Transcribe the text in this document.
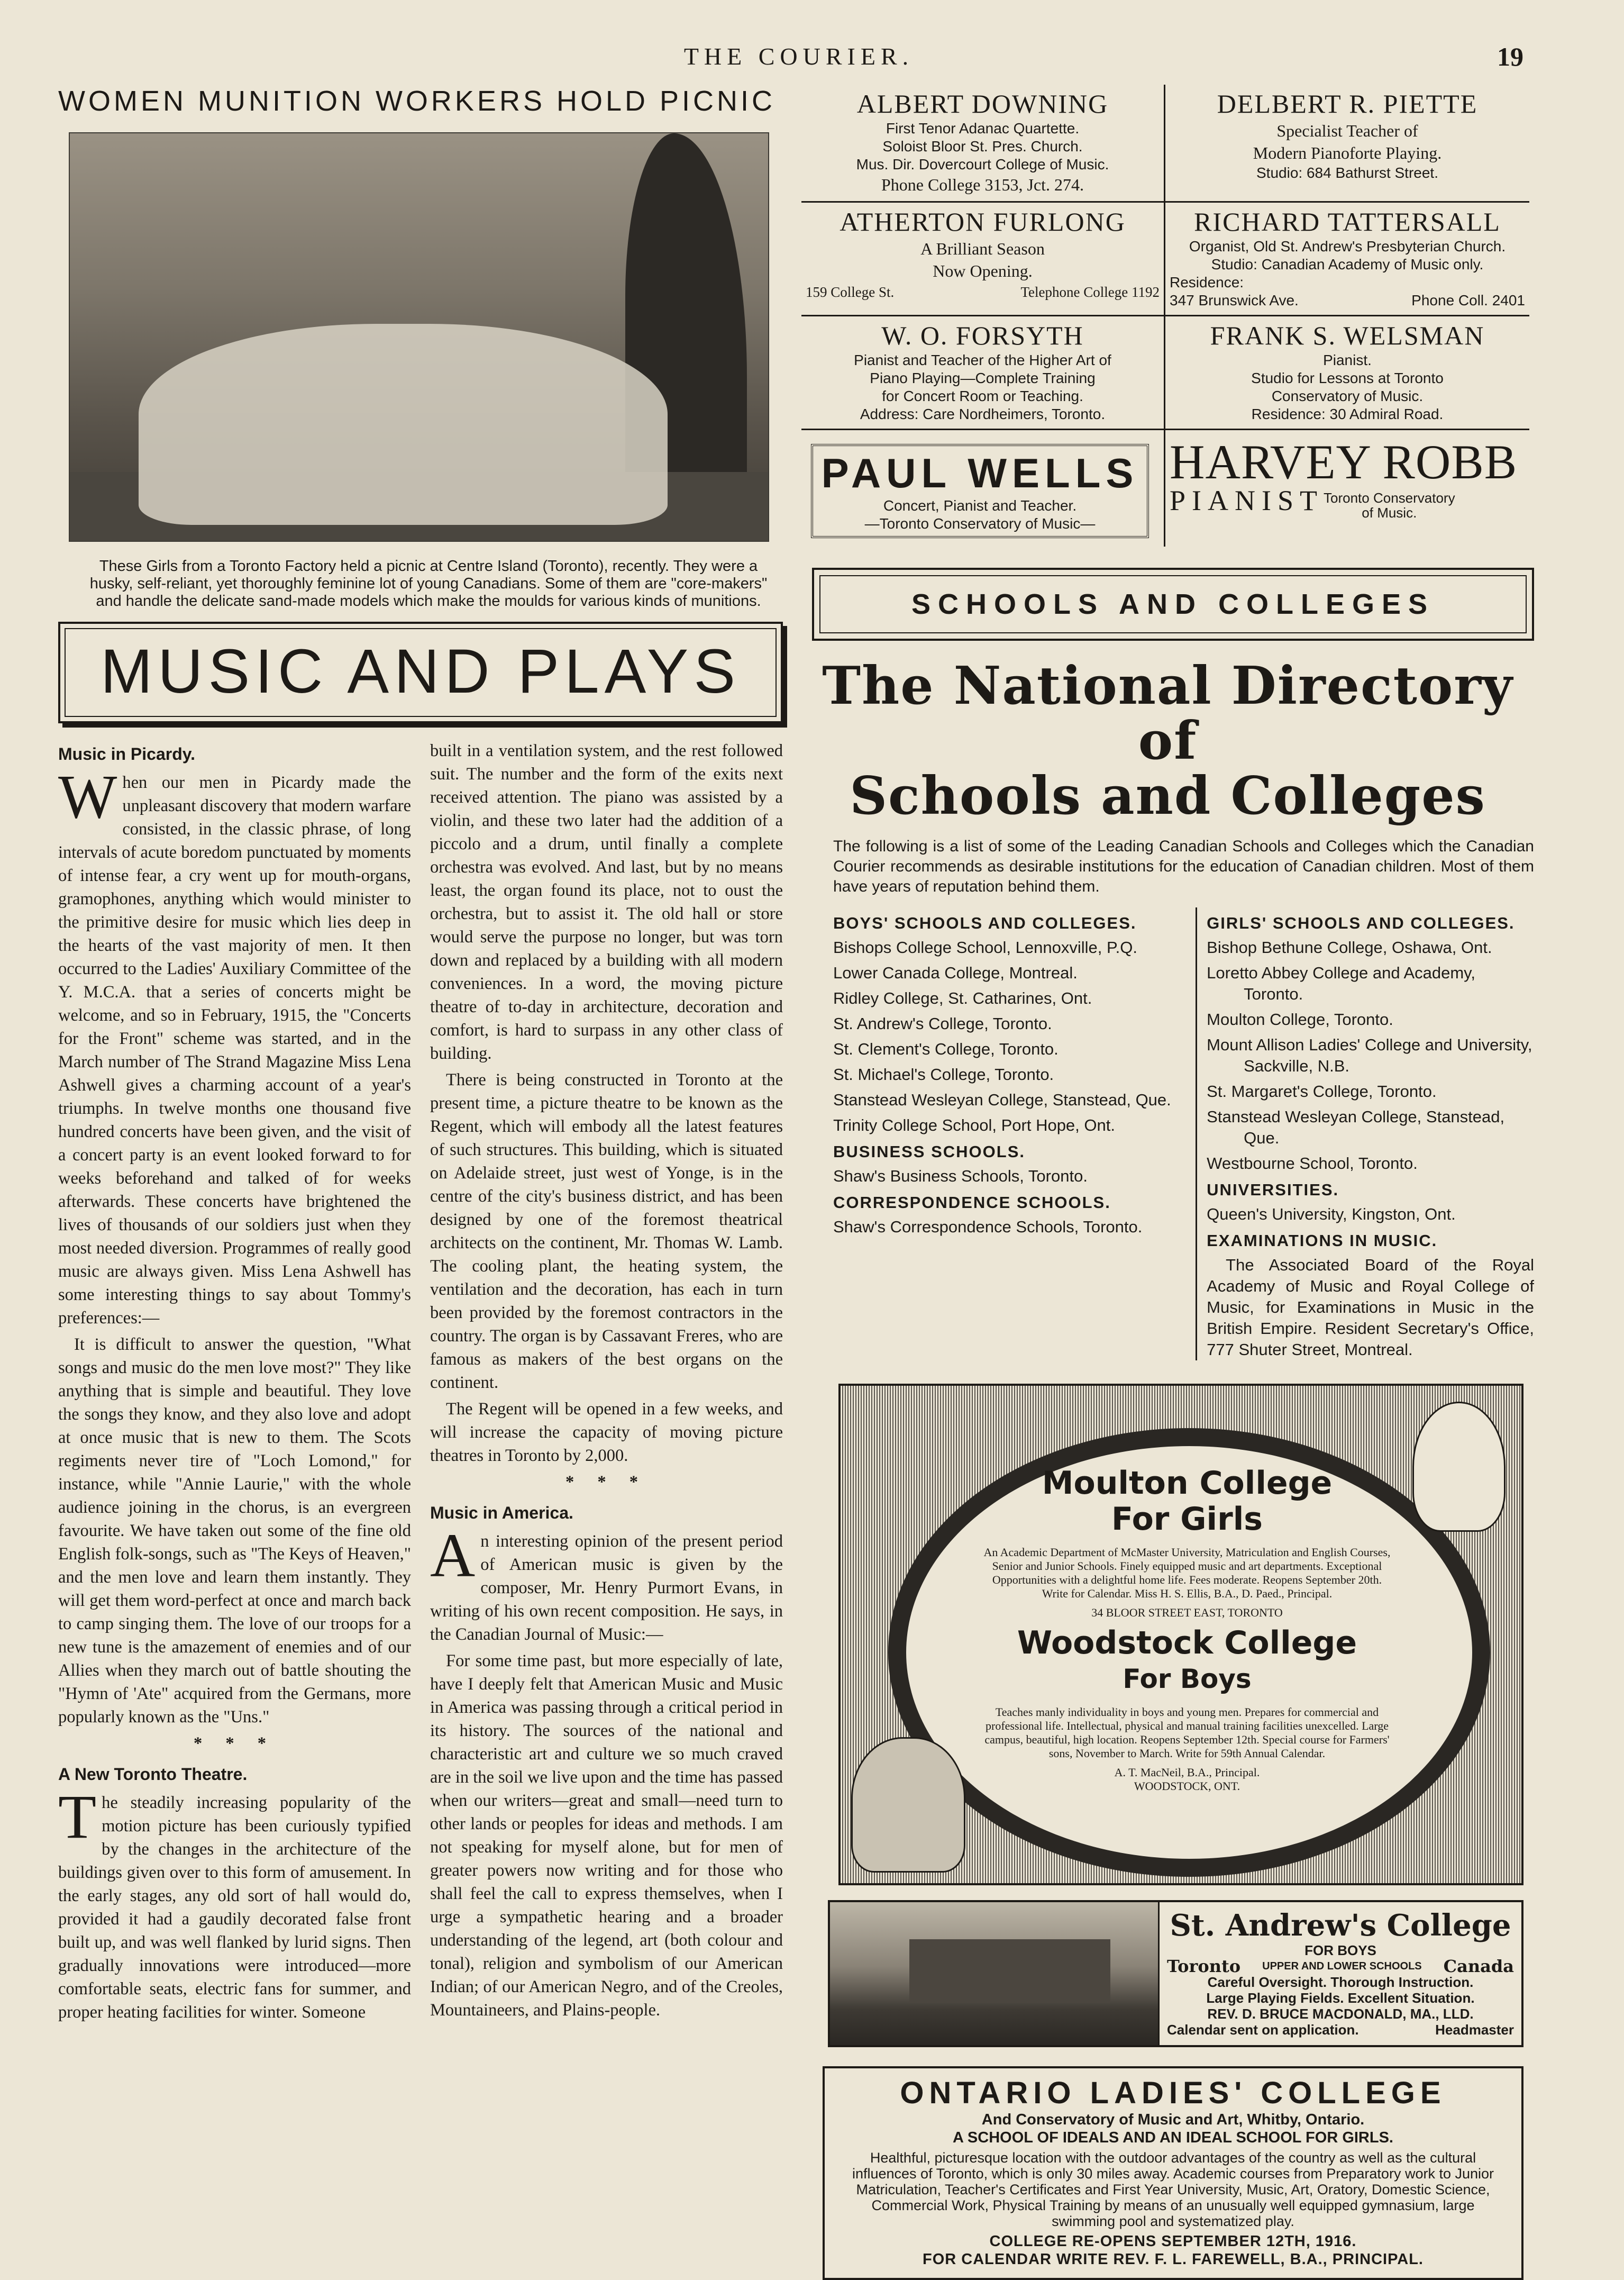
THE COURIER.	19
WOMEN MUNITION WORKERS HOLD PICNIC
These Girls from a Toronto Factory held a picnic at Centre Island (Toronto), recently. They were a husky, self-reliant, yet thoroughly feminine lot of young Canadians. Some of them are "core-makers" and handle the delicate sand-made models which make the moulds for various kinds of munitions.
MUSIC AND PLAYS
Music in Picardy.

When our men in Picardy made the unpleasant discovery that modern warfare consisted, in the classic phrase, of long intervals of acute boredom punctuated by moments of intense fear, a cry went up for mouth-organs, gramophones, anything which would minister to the primitive desire for music which lies deep in the hearts of the vast majority of men. It then occurred to the Ladies' Auxiliary Committee of the Y. M.C.A. that a series of concerts might be welcome, and so in February, 1915, the "Concerts for the Front" scheme was started, and in the March number of The Strand Magazine Miss Lena Ashwell gives a charming account of a year's triumphs. In twelve months one thousand five hundred concerts have been given, and the visit of a concert party is an event looked forward to for weeks beforehand and talked of for weeks afterwards. These concerts have brightened the lives of thousands of our soldiers just when they most needed diversion. Programmes of really good music are always given. Miss Lena Ashwell has some interesting things to say about Tommy's preferences:—

It is difficult to answer the question, "What songs and music do the men love most?" They like anything that is simple and beautiful. They love the songs they know, and they also love and adopt at once music that is new to them. The Scots regiments never tire of "Loch Lomond," for instance, while "Annie Laurie," with the whole audience joining in the chorus, is an evergreen favourite. We have taken out some of the fine old English folk-songs, such as "The Keys of Heaven," and the men love and learn them instantly. They will get them word-perfect at once and march back to camp singing them. The love of our troops for a new tune is the amazement of enemies and of our Allies when they march out of battle shouting the "Hymn of 'Ate" acquired from the Germans, more popularly known as the "Uns."

* * *
A New Toronto Theatre.

The steadily increasing popularity of the motion picture has been curiously typified by the changes in the architecture of the buildings given over to this form of amusement. In the early stages, any old sort of hall would do, provided it had a gaudily decorated false front built up, and was well flanked by lurid signs. Then gradually innovations were introduced—more comfortable seats, electric fans for summer, and proper heating facilities for winter. Someone

built in a ventilation system, and the rest followed suit. The number and the form of the exits next received attention. The piano was assisted by a violin, and these two later had the addition of a piccolo and a drum, until finally a complete orchestra was evolved. And last, but by no means least, the organ found its place, not to oust the orchestra, but to assist it. The old hall or store would serve the purpose no longer, but was torn down and replaced by a building with all modern conveniences. In a word, the moving picture theatre of to-day in architecture, decoration and comfort, is hard to surpass in any other class of building.

There is being constructed in Toronto at the present time, a picture theatre to be known as the Regent, which will embody all the latest features of such structures. This building, which is situated on Adelaide street, just west of Yonge, is in the centre of the city's business district, and has been designed by one of the foremost theatrical architects on the continent, Mr. Thomas W. Lamb. The cooling plant, the heating system, the ventilation and the decoration, has each in turn been provided by the foremost contractors in the country. The organ is by Cassavant Freres, who are famous as makers of the best organs on the continent.

The Regent will be opened in a few weeks, and will increase the capacity of moving picture theatres in Toronto by 2,000.

* * *
Music in America.

An interesting opinion of the present period of American music is given by the composer, Mr. Henry Purmort Evans, in writing of his own recent composition. He says, in the Canadian Journal of Music:—

For some time past, but more especially of late, have I deeply felt that American Music and Music in America was passing through a critical period in its history. The sources of the national and characteristic art and culture we so much craved are in the soil we live upon and the time has passed when our writers—great and small—need turn to other lands or peoples for ideas and methods. I am not speaking for myself alone, but for men of greater powers now writing and for those who shall feel the call to express themselves, when I urge a sympathetic hearing and a broader understanding of the legend, art (both colour and tonal), religion and symbolism of our American Indian; of our American Negro, and of the Creoles, Mountaineers, and Plains-people.

ALBERT DOWNING
First Tenor Adanac Quartette.
Soloist Bloor St. Pres. Church.
Mus. Dir. Dovercourt College of Music.
Phone College 3153, Jct. 274.
DELBERT R. PIETTE
Specialist Teacher of
Modern Pianoforte Playing.
Studio: 684 Bathurst Street.
ATHERTON FURLONG
A Brilliant Season
Now Opening.
159 College St.	Telephone College 1192
RICHARD TATTERSALL
Organist, Old St. Andrew's Presbyterian Church.
Studio: Canadian Academy of Music only.
Residence:
347 Brunswick Ave.	Phone Coll. 2401
W. O. FORSYTH
Pianist and Teacher of the Higher Art of
Piano Playing—Complete Training
for Concert Room or Teaching.
Address: Care Nordheimers, Toronto.
FRANK S. WELSMAN
Pianist.
Studio for Lessons at Toronto
Conservatory of Music.
Residence: 30 Admiral Road.
PAUL WELLS
Concert, Pianist and Teacher.
—Toronto Conservatory of Music—
HARVEY ROBB
PIANIST Toronto Conservatory
of Music.
SCHOOLS AND COLLEGES
The National Directory of
Schools and Colleges
The following is a list of some of the Leading Canadian Schools and Colleges which the Canadian Courier recommends as desirable institutions for the education of Canadian children. Most of them have years of reputation behind them.
BOYS' SCHOOLS AND COLLEGES.
Bishops College School, Lennoxville, P.Q.
Lower Canada College, Montreal.
Ridley College, St. Catharines, Ont.
St. Andrew's College, Toronto.
St. Clement's College, Toronto.
St. Michael's College, Toronto.
Stanstead Wesleyan College, Stanstead, Que.
Trinity College School, Port Hope, Ont.
BUSINESS SCHOOLS.
Shaw's Business Schools, Toronto.
CORRESPONDENCE SCHOOLS.
Shaw's Correspondence Schools, Toronto.
GIRLS' SCHOOLS AND COLLEGES.
Bishop Bethune College, Oshawa, Ont.
Loretto Abbey College and Academy, Toronto.
Moulton College, Toronto.
Mount Allison Ladies' College and University, Sackville, N.B.
St. Margaret's College, Toronto.
Stanstead Wesleyan College, Stanstead, Que.
Westbourne School, Toronto.
UNIVERSITIES.
Queen's University, Kingston, Ont.
EXAMINATIONS IN MUSIC.
The Associated Board of the Royal Academy of Music and Royal College of Music, for Examinations in Music in the British Empire. Resident Secretary's Office, 777 Shuter Street, Montreal.
Moulton College
For Girls
An Academic Department of McMaster University, Matriculation and English Courses, Senior and Junior Schools. Finely equipped music and art departments. Exceptional Opportunities with a delightful home life. Fees moderate. Reopens September 20th. Write for Calendar. Miss H. S. Ellis, B.A., D. Paed., Principal.
34 BLOOR STREET EAST, TORONTO
Woodstock College
For Boys
Teaches manly individuality in boys and young men. Prepares for commercial and professional life. Intellectual, physical and manual training facilities unexcelled. Large campus, beautiful, high location. Reopens September 12th. Special course for Farmers' sons, November to March. Write for 59th Annual Calendar.
A. T. MacNeil, B.A., Principal.
WOODSTOCK, ONT.
St. Andrew's College
FOR BOYS
Toronto UPPER AND LOWER SCHOOLS Canada
Careful Oversight. Thorough Instruction.
Large Playing Fields. Excellent Situation.
REV. D. BRUCE MACDONALD, MA., LLD.
Calendar sent on application.	Headmaster
ONTARIO LADIES' COLLEGE
And Conservatory of Music and Art, Whitby, Ontario.
A SCHOOL OF IDEALS AND AN IDEAL SCHOOL FOR GIRLS.
Healthful, picturesque location with the outdoor advantages of the country as well as the cultural influences of Toronto, which is only 30 miles away. Academic courses from Preparatory work to Junior Matriculation, Teacher's Certificates and First Year University, Music, Art, Oratory, Domestic Science, Commercial Work, Physical Training by means of an unusually well equipped gymnasium, large swimming pool and systematized play.
COLLEGE RE-OPENS SEPTEMBER 12TH, 1916.
FOR CALENDAR WRITE REV. F. L. FAREWELL, B.A., PRINCIPAL.
